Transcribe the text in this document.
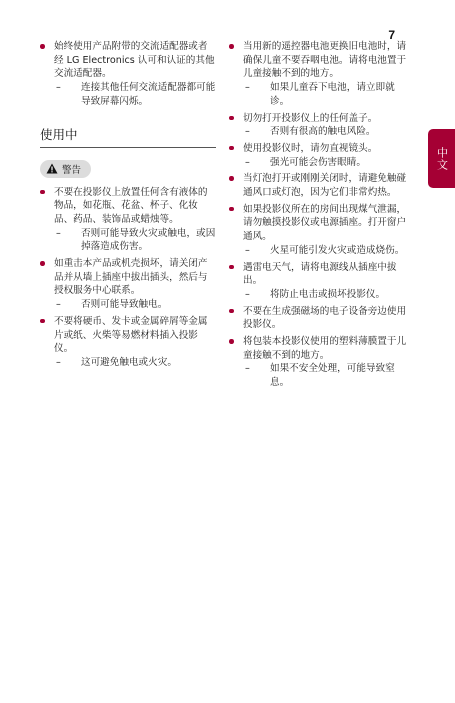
7
中文
始终使用产品附带的交流适配器或者经 LG Electronics 认可和认证的其他交流适配器。
– 连接其他任何交流适配器都可能导致屏幕闪烁。
使用中
警告
不要在投影仪上放置任何含有液体的物品，如花瓶、花盆、杯子、化妆品、药品、装饰品或蜡烛等。
– 否则可能导致火灾或触电，或因掉落造成伤害。
如重击本产品或机壳损坏，请关闭产品并从墙上插座中拔出插头，然后与授权服务中心联系。
– 否则可能导致触电。
不要将硬币、发卡或金属碎屑等金属片或纸、火柴等易燃材料插入投影仪。
– 这可避免触电或火灾。
当用新的遥控器电池更换旧电池时，请确保儿童不要吞咽电池。请将电池置于儿童接触不到的地方。
– 如果儿童吞下电池，请立即就诊。
切勿打开投影仪上的任何盖子。
– 否则有很高的触电风险。
使用投影仪时，请勿直视镜头。
– 强光可能会伤害眼睛。
当灯泡打开或刚刚关闭时，请避免触碰通风口或灯泡，因为它们非常灼热。
如果投影仪所在的房间出现煤气泄漏，请勿触摸投影仪或电源插座。打开窗户通风。
– 火星可能引发火灾或造成烧伤。
遇雷电天气，请将电源线从插座中拔出。
– 将防止电击或损坏投影仪。
不要在生成强磁场的电子设备旁边使用投影仪。
将包装本投影仪使用的塑料薄膜置于儿童接触不到的地方。
– 如果不安全处理，可能导致窒息。
